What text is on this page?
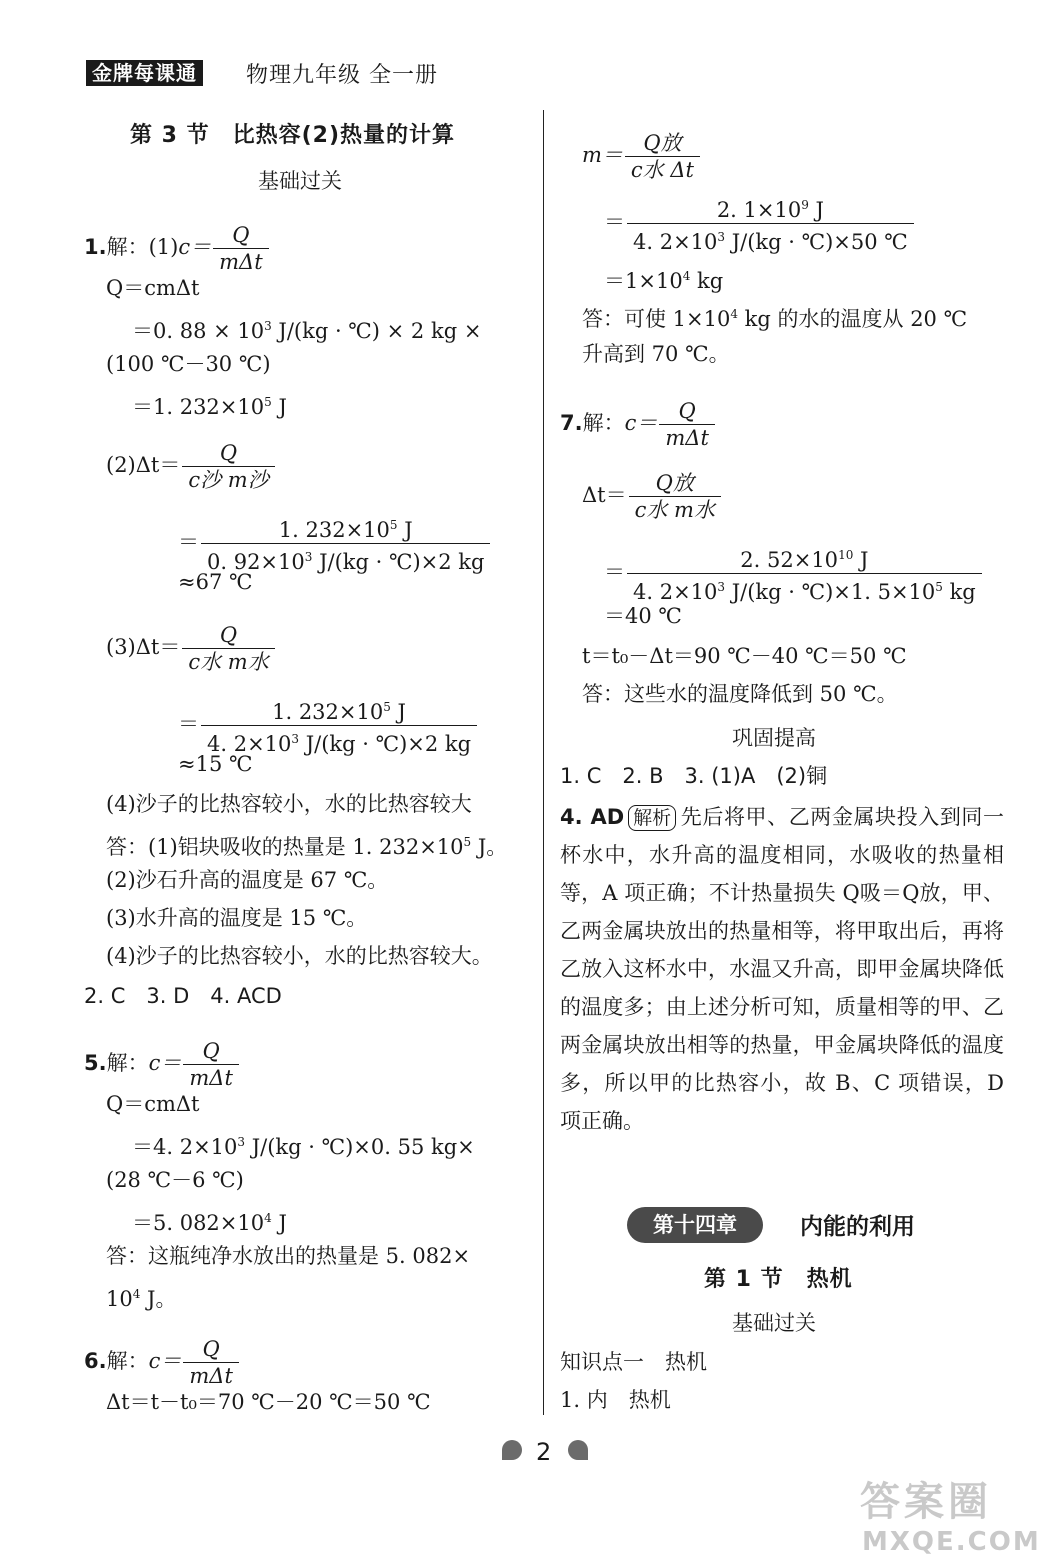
金牌每课通 物理九年级 全一册
第 3 节　比热容(2)热量的计算
基础过关
1.解：$(1)c= \frac{Q}{\text{mΔt}}$
Q＝cmΔt
＝0. $88 \times 10^3$ J/(kg · ℃) × 2 kg ×
(100 ℃－30 ℃)
＝1. $232\times 10^5$ J
$(2)\Delta t= \frac{Q}{\text{c沙 m沙}}$
＝ $\frac{1. 232\times 10^5 J}{0. 92\times 10^3 J/(kg \cdot ℃)\times 2 kg}$
≈67 ℃
$(3)\Delta t= \frac{Q}{\text{c水 m水}}$
＝ $\frac{1. 232\times 10^5 J}{4. 2\times 10^3 J/(kg \cdot ℃)\times 2 kg}$
≈15 ℃
(4)沙子的比热容较小，水的比热容较大
答：(1)铝块吸收的热量是 1. $232\times 10^5$ J。
(2)沙石升高的温度是 67 ℃。
(3)水升高的温度是 15 ℃。
(4)沙子的比热容较小，水的比热容较大。
2. C　3. D　4. ACD
5.解：$c= \frac{Q}{\text{mΔt}}$
Q＝cmΔt
＝4. $2\times 10^3$ J/(kg · ℃)×0. 55 kg×
(28 ℃－6 ℃)
＝5. $082\times 10^4$ J
答：这瓶纯净水放出的热量是 5. 082×
$10^4$ J。
6.解：$c= \frac{Q}{\text{mΔt}}$
Δt＝t－t₀＝70 ℃－20 ℃＝50 ℃
$m= \frac{\text{Q放}}{\text{c水 Δt}}$
＝ $\frac{2. 1\times 10^9 J}{4. 2\times 10^3 J/(kg \cdot ℃)\times 50 ℃}$
$=1\times 10^4$ kg
答：可使 $1\times 10^4$ kg 的水的温度从 20 ℃
升高到 70 ℃。
7.解：$c= \frac{Q}{\text{mΔt}}$
$\Delta t= \frac{\text{Q放}}{\text{c水 m水}}$
＝ $\frac{2. 52\times 10^{10} J}{4. 2\times 10^3 J/(kg \cdot ℃)\times 1. 5\times 10^5 kg}$
＝40 ℃
t＝t₀－Δt＝90 ℃－40 ℃＝50 ℃
答：这些水的温度降低到 50 ℃。
巩固提高
1. C　2. B　3. (1)A　(2)铜
4. AD 解析 先后将甲、乙两金属块投入到同一杯水中，水升高的温度相同，水吸收的热量相等，A 项正确；不计热量损失 Q吸＝Q放，甲、乙两金属块放出的热量相等，将甲取出后，再将乙放入这杯水中，水温又升高，即甲金属块降低的温度多；由上述分析可知，质量相等的甲、乙两金属块放出相等的热量，甲金属块降低的温度多，所以甲的比热容小，故 B、C 项错误，D 项正确。
第十四章	内能的利用
第 1 节　热机
基础过关
知识点一　热机
1. 内　热机
2
答案圈
MXQE.COM
